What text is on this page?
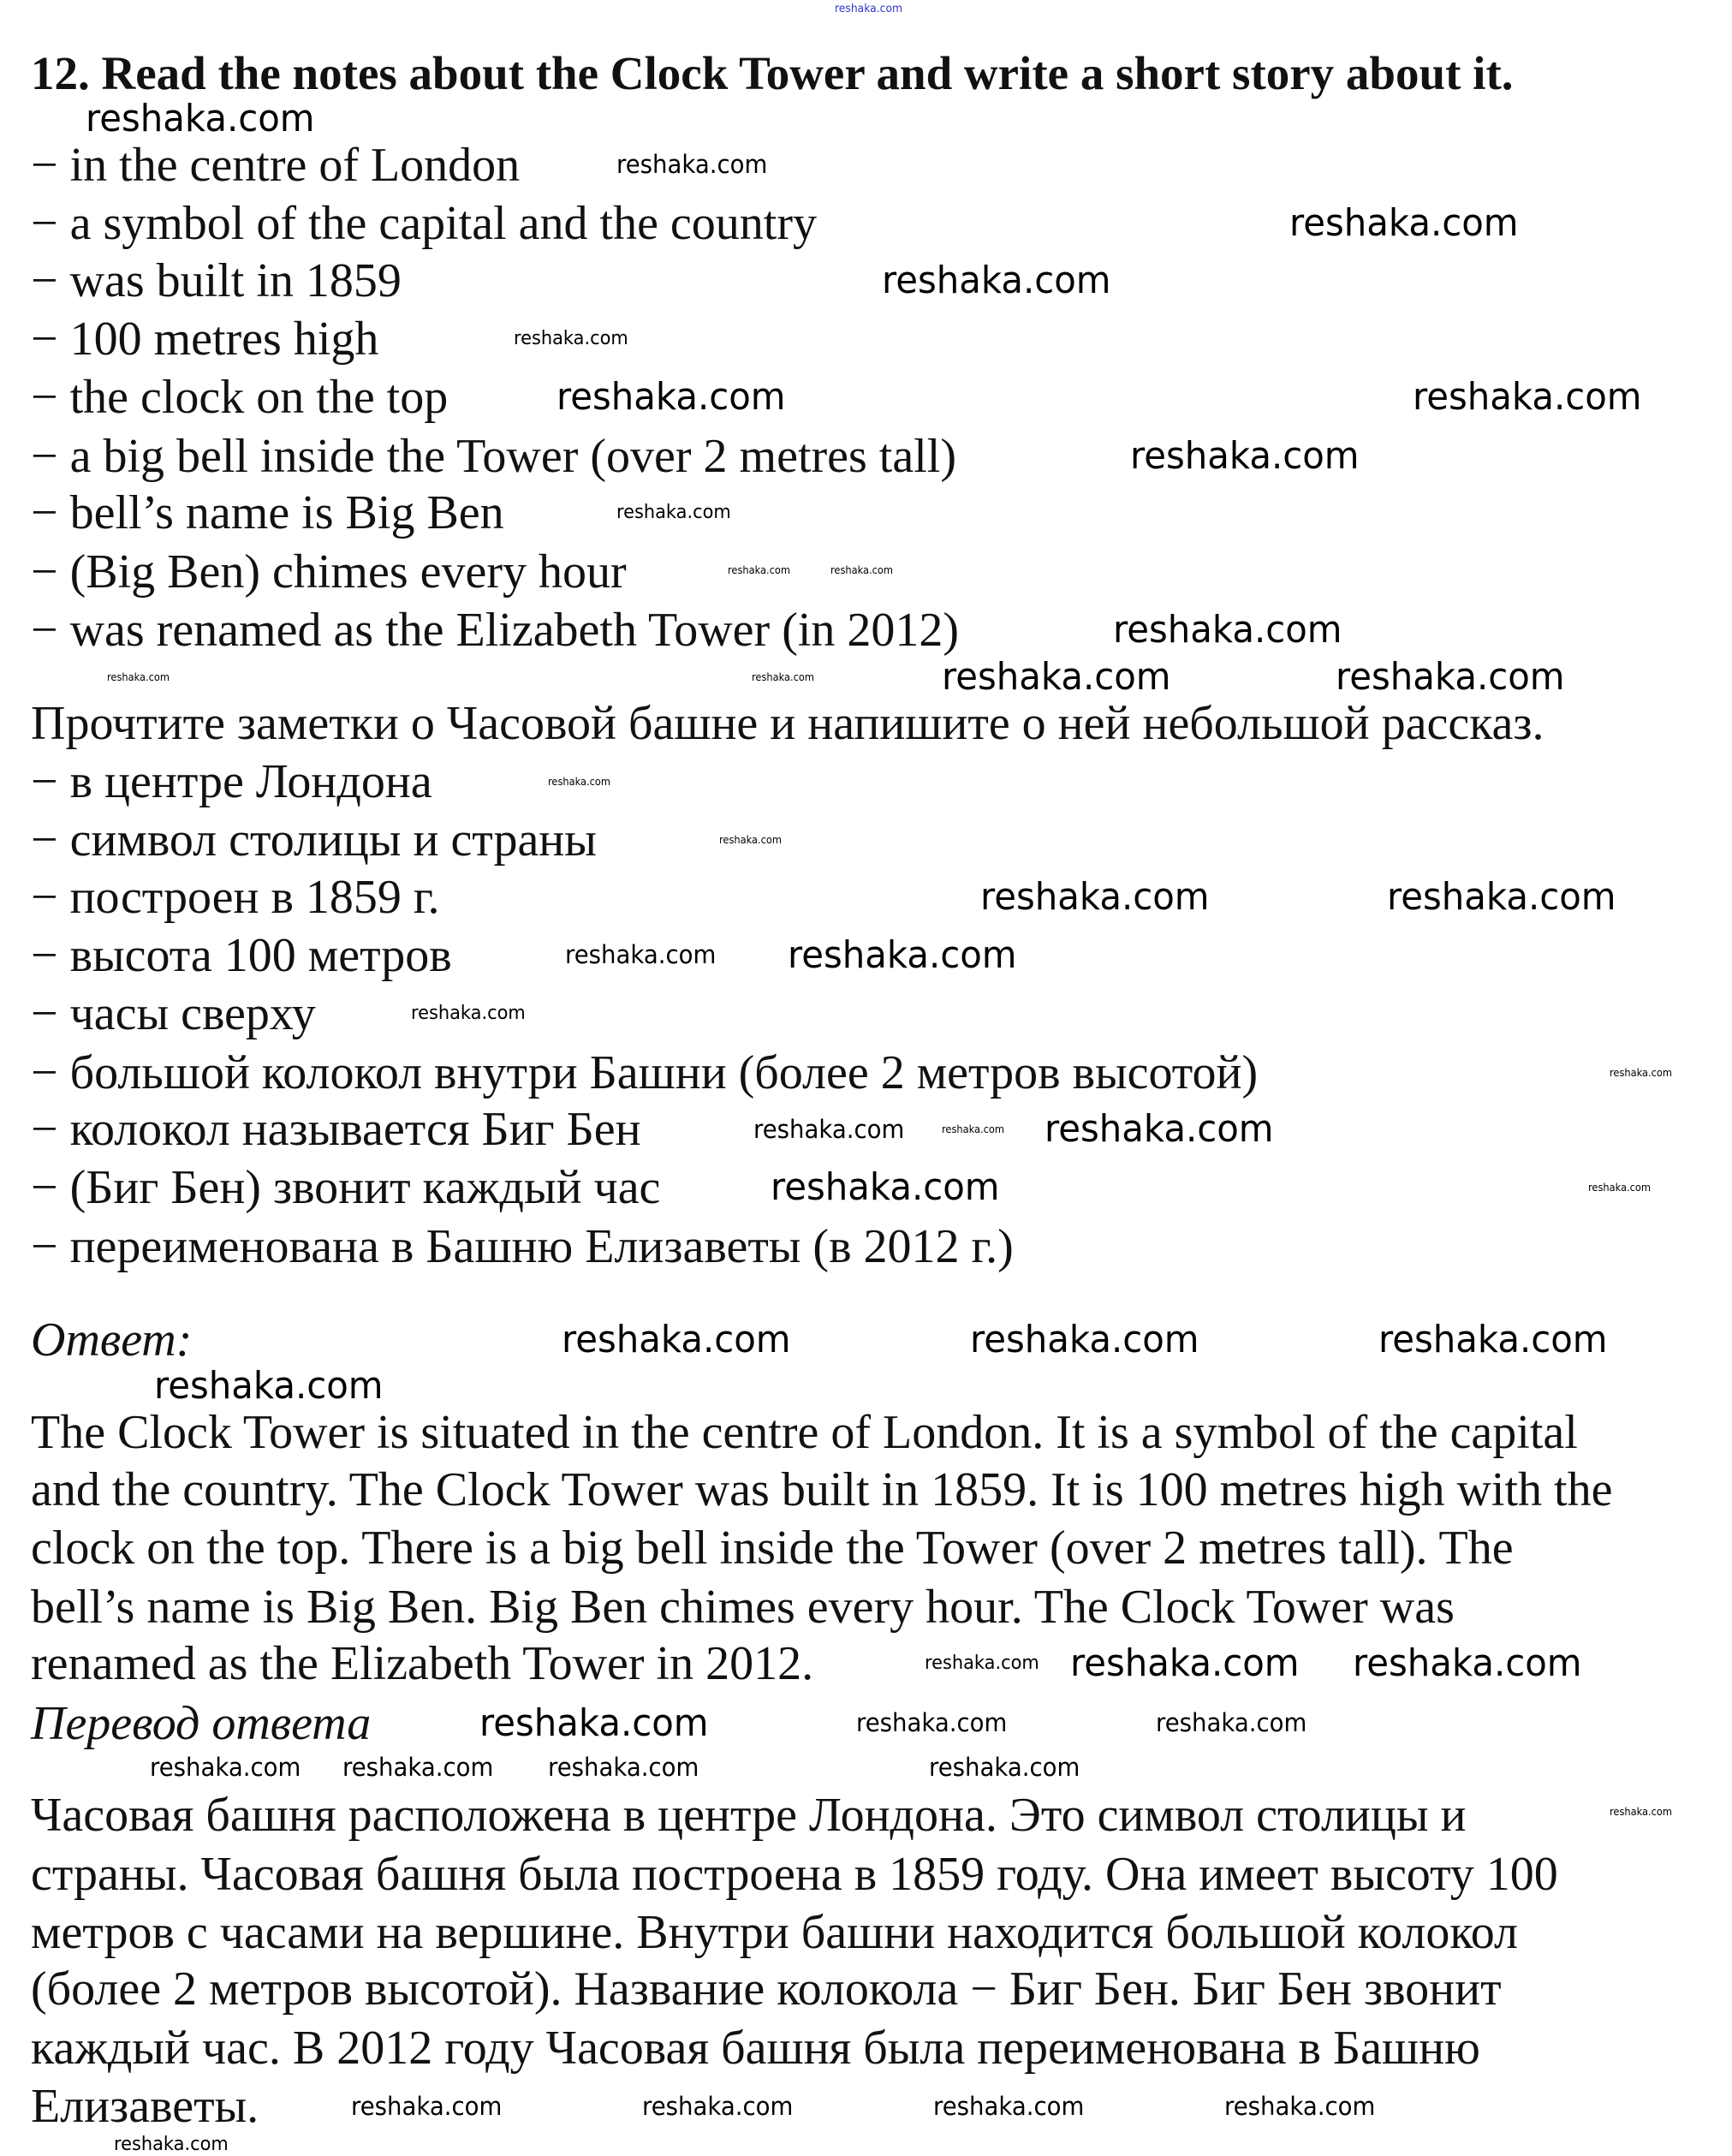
12. Read the notes about the Clock Tower and write a short story about it.
− in the centre of London
− a symbol of the capital and the country
− was built in 1859
− 100 metres high
− the clock on the top
− a big bell inside the Tower (over 2 metres tall)
− bell’s name is Big Ben
− (Big Ben) chimes every hour
− was renamed as the Elizabeth Tower (in 2012)
Прочтите заметки о Часовой башне и напишите о ней небольшой рассказ.
− в центре Лондона
− символ столицы и страны
− построен в 1859 г.
− высота 100 метров
− часы сверху
− большой колокол внутри Башни (более 2 метров высотой)
− колокол называется Биг Бен
− (Биг Бен) звонит каждый час
− переименована в Башню Елизаветы (в 2012 г.)
Ответ:
The Clock Tower is situated in the centre of London. It is a symbol of the capital
and the country. The Clock Tower was built in 1859. It is 100 metres high with the
clock on the top. There is a big bell inside the Tower (over 2 metres tall). The
bell’s name is Big Ben. Big Ben chimes every hour. The Clock Tower was
renamed as the Elizabeth Tower in 2012.
Перевод ответа
Часовая башня расположена в центре Лондона. Это символ столицы и
страны. Часовая башня была построена в 1859 году. Она имеет высоту 100
метров с часами на вершине. Внутри башни находится большой колокол
(более 2 метров высотой). Название колокола − Биг Бен. Биг Бен звонит
каждый час. В 2012 году Часовая башня была переименована в Башню
Елизаветы.
reshaka.com
reshaka.com
reshaka.com
reshaka.com
reshaka.com
reshaka.com
reshaka.com	reshaka.com
reshaka.com
reshaka.com
reshaka.com	reshaka.com
reshaka.com
reshaka.com	reshaka.com	reshaka.com
reshaka.com
reshaka.com
reshaka.com
reshaka.com	reshaka.com
reshaka.com reshaka.com
reshaka.com
reshaka.com
reshaka.com	reshaka.com
reshaka.com
reshaka.com
reshaka.com
reshaka.com	reshaka.com	reshaka.com
reshaka.com
reshaka.com reshaka.com reshaka.com
reshaka.com
reshaka.com
reshaka.com
reshaka.com
reshaka.com reshaka.com	reshaka.com
reshaka.com
reshaka.com
reshaka.com
reshaka.com	reshaka.com	reshaka.com
